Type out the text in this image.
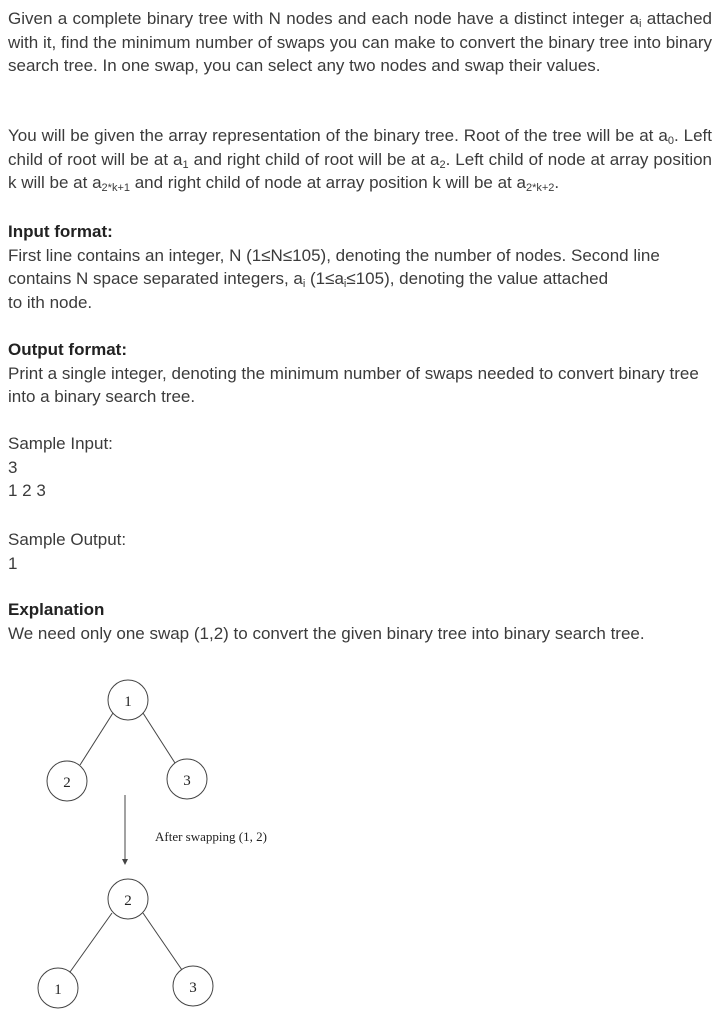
Given a complete binary tree with N nodes and each node have a distinct integer $a_i$ attached with it, find the minimum number of swaps you can make to convert the binary tree into binary search tree. In one swap, you can select any two nodes and swap their values.

You will be given the array representation of the binary tree. Root of the tree will be at $a_0$. Left child of root will be at $a_1$ and right child of root will be at $a_2$. Left child of node at array position k will be at $a_{2*k+1}$ and right child of node at array position k will be at $a_{2*k+2}$.

Input format:

First line contains an integer, N (1≤N≤105), denoting the number of nodes. Second line contains N space separated integers, $a_i$ $(1\le a_i\le 105)$, denoting the value attached

to ith node.

Output format:

Print a single integer, denoting the minimum number of swaps needed to convert binary tree into a binary search tree.

Sample Input:

3
1 2 3

Sample Output:

1

Explanation

We need only one swap (1,2) to convert the given binary tree into binary search tree.

1
2	3
After swapping (1, 2)
2
1	3
